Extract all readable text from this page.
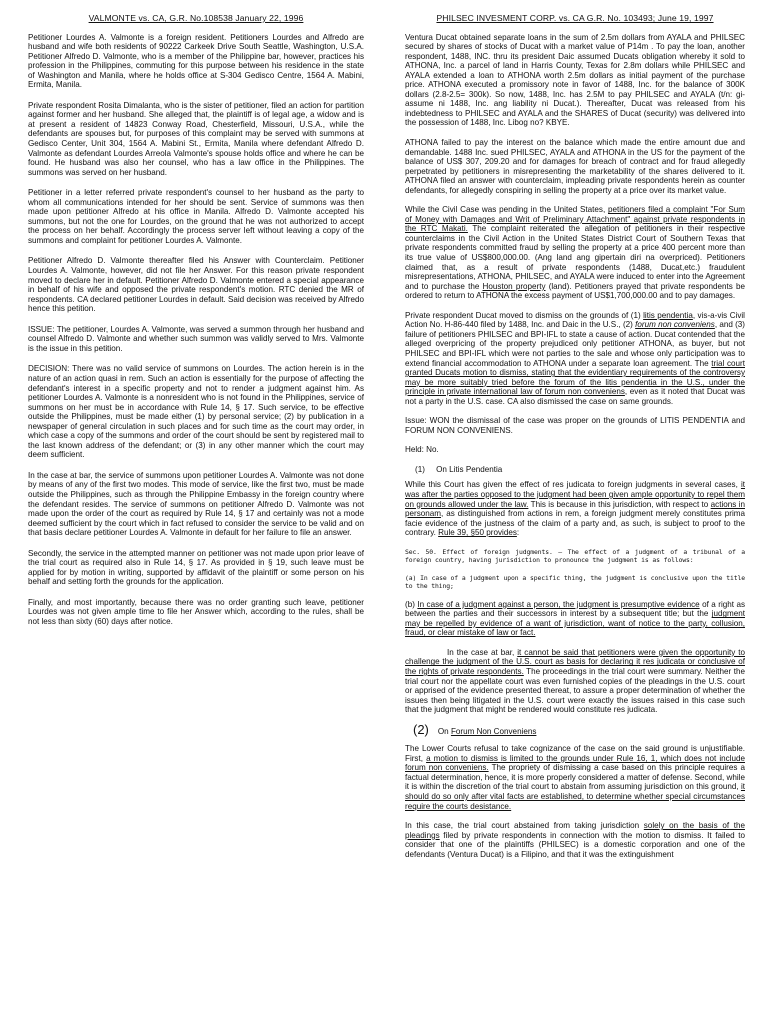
VALMONTE vs. CA, G.R. No.108538 January 22, 1996
Petitioner Lourdes A. Valmonte is a foreign resident. Petitioners Lourdes and Alfredo are husband and wife both residents of 90222 Carkeek Drive South Seattle, Washington, U.S.A. Petitioner Alfredo D. Valmonte, who is a member of the Philippine bar, however, practices his profession in the Philippines, commuting for this purpose between his residence in the state of Washington and Manila, where he holds office at S-304 Gedisco Centre, 1564 A. Mabini, Ermita, Manila.
Private respondent Rosita Dimalanta, who is the sister of petitioner, filed an action for partition against former and her husband. She alleged that, the plaintiff is of legal age, a widow and is at present a resident of 14823 Conway Road, Chesterfield, Missouri, U.S.A., while the defendants are spouses but, for purposes of this complaint may be served with summons at Gedisco Center, Unit 304, 1564 A. Mabini St., Ermita, Manila where defendant Alfredo D. Valmonte as defendant Lourdes Arreola Valmonte's spouse holds office and where he can be found. He husband was also her counsel, who has a law office in the Philippines. The summons was served on her husband.
Petitioner in a letter referred private respondent's counsel to her husband as the party to whom all communications intended for her should be sent. Service of summons was then made upon petitioner Alfredo at his office in Manila. Alfredo D. Valmonte accepted his summons, but not the one for Lourdes, on the ground that he was not authorized to accept the process on her behalf. Accordingly the process server left without leaving a copy of the summons and complaint for petitioner Lourdes A. Valmonte.
Petitioner Alfredo D. Valmonte thereafter filed his Answer with Counterclaim. Petitioner Lourdes A. Valmonte, however, did not file her Answer. For this reason private respondent moved to declare her in default. Petitioner Alfredo D. Valmonte entered a special appearance in behalf of his wife and opposed the private respondent's motion. RTC denied the MR of respondents. CA declared petitioner Lourdes in default. Said decision was received by Alfredo hence this petition.
ISSUE: The petitioner, Lourdes A. Valmonte, was served a summon through her husband and counsel Alfredo D. Valmonte and whether such summon was validly served to Mrs. Valmonte is the issue in this petition.
DECISION: There was no valid service of summons on Lourdes. The action herein is in the nature of an action quasi in rem. Such an action is essentially for the purpose of affecting the defendant's interest in a specific property and not to render a judgment against him. As petitioner Lourdes A. Valmonte is a nonresident who is not found in the Philippines, service of summons on her must be in accordance with Rule 14, § 17. Such service, to be effective outside the Philippines, must be made either (1) by personal service; (2) by publication in a newspaper of general circulation in such places and for such time as the court may order, in which case a copy of the summons and order of the court should be sent by registered mail to the last known address of the defendant; or (3) in any other manner which the court may deem sufficient.
In the case at bar, the service of summons upon petitioner Lourdes A. Valmonte was not done by means of any of the first two modes. This mode of service, like the first two, must be made outside the Philippines, such as through the Philippine Embassy in the foreign country where the defendant resides. The service of summons on petitioner Alfredo D. Valmonte was not made upon the order of the court as required by Rule 14, § 17 and certainly was not a mode deemed sufficient by the court which in fact refused to consider the service to be valid and on that basis declare petitioner Lourdes A. Valmonte in default for her failure to file an answer.
Secondly, the service in the attempted manner on petitioner was not made upon prior leave of the trial court as required also in Rule 14, § 17. As provided in § 19, such leave must be applied for by motion in writing, supported by affidavit of the plaintiff or some person on his behalf and setting forth the grounds for the application.
Finally, and most importantly, because there was no order granting such leave, petitioner Lourdes was not given ample time to file her Answer which, according to the rules, shall be not less than sixty (60) days after notice.
PHILSEC INVESMENT CORP. vs. CA G.R. No. 103493; June 19, 1997
Ventura Ducat obtained separate loans in the sum of 2.5m dollars from AYALA and PHILSEC secured by shares of stocks of Ducat with a market value of P14m . To pay the loan, another respondent, 1488, INC. thru its president Daic assumed Ducats obligation whereby it sold to ATHONA, Inc. a parcel of land in Harris County, Texas for 2.8m dollars while PHILSEC and AYALA extended a loan to ATHONA worth 2.5m dollars as initial payment of the purchase price. ATHONA executed a promissory note in favor of 1488, Inc. for the balance of 300K dollars (2.8-2.5= 300k). So now, 1488, Inc. has 2.5M to pay PHILSEC and AYALA (t/n: gi-assume ni 1488, Inc. ang liability ni Ducat.). Thereafter, Ducat was released from his indebtedness to PHILSEC and AYALA and the SHARES of Ducat (security) was delivered into the possession of 1488, Inc. Libog no? KBYE.
ATHONA failed to pay the interest on the balance which made the entire amount due and demandable. 1488 Inc. sued PHILSEC, AYALA and ATHONA in the US for the payment of the balance of US$ 307, 209.20 and for damages for breach of contract and for fraud allegedly perpetrated by petitioners in misrepresenting the marketability of the shares delivered to it. ATHONA filed an answer with counterclaim, impleading private respondents herein as counter defendants, for allegedly conspiring in selling the property at a price over its market value.
While the Civil Case was pending in the United States, petitioners filed a complaint "For Sum of Money with Damages and Writ of Preliminary Attachment" against private respondents in the RTC Makati. The complaint reiterated the allegation of petitioners in their respective counterclaims in the Civil Action in the United States District Court of Southern Texas that private respondents committed fraud by selling the property at a price 400 percent more than its true value of US$800,000.00. (Ang land ang gipertain diri na overpriced). Petitioners claimed that, as a result of private respondents (1488, Ducat,etc.) fraudulent misrepresentations, ATHONA, PHILSEC, and AYALA were induced to enter into the Agreement and to purchase the Houston property (land). Petitioners prayed that private respondents be ordered to return to ATHONA the excess payment of US$1,700,000.00 and to pay damages.
Private respondent Ducat moved to dismiss on the grounds of (1) litis pendentia, vis-a-vis Civil Action No. H-86-440 filed by 1488, Inc. and Daic in the U.S., (2) forum non conveniens, and (3) failure of petitioners PHILSEC and BPI-IFL to state a cause of action. Ducat contended that the alleged overpricing of the property prejudiced only petitioner ATHONA, as buyer, but not PHILSEC and BPI-IFL which were not parties to the sale and whose only participation was to extend financial accommodation to ATHONA under a separate loan agreement. The trial court granted Ducats motion to dismiss, stating that the evidentiary requirements of the controversy may be more suitably tried before the forum of the litis pendentia in the U.S., under the principle in private international law of forum non conveniens, even as it noted that Ducat was not a party in the U.S. case. CA also dismissed the case on same grounds.
Issue: WON the dismissal of the case was proper on the grounds of LITIS PENDENTIA and FORUM NON CONVENIENS.
Held: No.
(1)     On Litis Pendentia
While this Court has given the effect of res judicata to foreign judgments in several cases, it was after the parties opposed to the judgment had been given ample opportunity to repel them on grounds allowed under the law. This is because in this jurisdiction, with respect to actions in personam, as distinguished from actions in rem, a foreign judgment merely constitutes prima facie evidence of the justness of the claim of a party and, as such, is subject to proof to the contrary. Rule 39, §50 provides:
Sec. 50. Effect of foreign judgments. — The effect of a judgment of a tribunal of a foreign country, having jurisdiction to pronounce the judgment is as follows:
(a) In case of a judgment upon a specific thing, the judgment is conclusive upon the title to the thing;
(b) In case of a judgment against a person, the judgment is presumptive evidence of a right as between the parties and their successors in interest by a subsequent title; but the judgment may be repelled by evidence of a want of jurisdiction, want of notice to the party, collusion, fraud, or clear mistake of law or fact.
In the case at bar, it cannot be said that petitioners were given the opportunity to challenge the judgment of the U.S. court as basis for declaring it res judicata or conclusive of the rights of private respondents. The proceedings in the trial court were summary. Neither the trial court nor the appellate court was even furnished copies of the pleadings in the U.S. court or apprised of the evidence presented thereat, to assure a proper determination of whether the issues then being litigated in the U.S. court were exactly the issues raised in this case such that the judgment that might be rendered would constitute res judicata.
(2) On Forum Non Conveniens
The Lower Courts refusal to take cognizance of the case on the said ground is unjustifiable. First, a motion to dismiss is limited to the grounds under Rule 16, 1, which does not include forum non conveniens. The propriety of dismissing a case based on this principle requires a factual determination, hence, it is more properly considered a matter of defense. Second, while it is within the discretion of the trial court to abstain from assuming jurisdiction on this ground, it should do so only after vital facts are established, to determine whether special circumstances require the courts desistance.
In this case, the trial court abstained from taking jurisdiction solely on the basis of the pleadings filed by private respondents in connection with the motion to dismiss. It failed to consider that one of the plaintiffs (PHILSEC) is a domestic corporation and one of the defendants (Ventura Ducat) is a Filipino, and that it was the extinguishment
